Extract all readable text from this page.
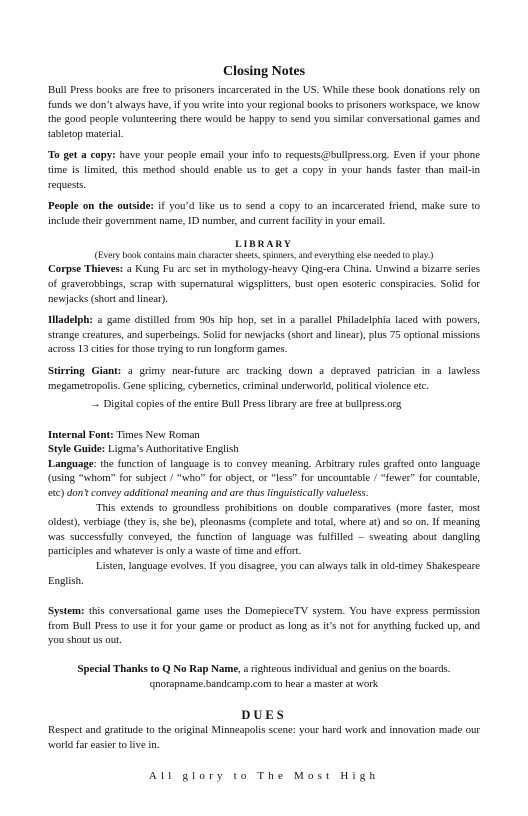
Closing Notes

Bull Press books are free to prisoners incarcerated in the US. While these book donations rely on funds we don’t always have, if you write into your regional books to prisoners workspace, we know the good people volunteering there would be happy to send you similar conversational games and tabletop material.

To get a copy: have your people email your info to requests@bullpress.org. Even if your phone time is limited, this method should enable us to get a copy in your hands faster than mail-in requests.

People on the outside: if you’d like us to send a copy to an incarcerated friend, make sure to include their government name, ID number, and current facility in your email.

LIBRARY
(Every book contains main character sheets, spinners, and everything else needed to play.)

Corpse Thieves: a Kung Fu arc set in mythology-heavy Qing-era China. Unwind a bizarre series of graverobbings, scrap with supernatural wigsplitters, bust open esoteric conspiracies. Solid for newjacks (short and linear).

Illadelph: a game distilled from 90s hip hop, set in a parallel Philadelphia laced with powers, strange creatures, and superbeings. Solid for newjacks (short and linear), plus 75 optional missions across 13 cities for those trying to run longform games.

Stirring Giant: a grimy near-future arc tracking down a depraved patrician in a lawless megametropolis. Gene splicing, cybernetics, criminal underworld, political violence etc.

→ Digital copies of the entire Bull Press library are free at bullpress.org

Internal Font: Times New Roman

Style Guide: Ligma’s Authoritative English

Language: the function of language is to convey meaning. Arbitrary rules grafted onto language (using “whom” for subject / “who” for object, or “less” for uncountable / “fewer” for countable, etc) don’t convey additional meaning and are thus linguistically valueless.

This extends to groundless prohibitions on double comparatives (more faster, most oldest), verbiage (they is, she be), pleonasms (complete and total, where at) and so on. If meaning was successfully conveyed, the function of language was fulfilled – sweating about dangling participles and whatever is only a waste of time and effort.

Listen, language evolves. If you disagree, you can always talk in old-timey Shakespeare English.

System: this conversational game uses the DomepieceTV system. You have express permission from Bull Press to use it for your game or product as long as it’s not for anything fucked up, and you shout us out.

Special Thanks to Q No Rap Name, a righteous individual and genius on the boards.
qnorapname.bandcamp.com to hear a master at work
DUES

Respect and gratitude to the original Minneapolis scene: your hard work and innovation made our world far easier to live in.

All glory to The Most High
